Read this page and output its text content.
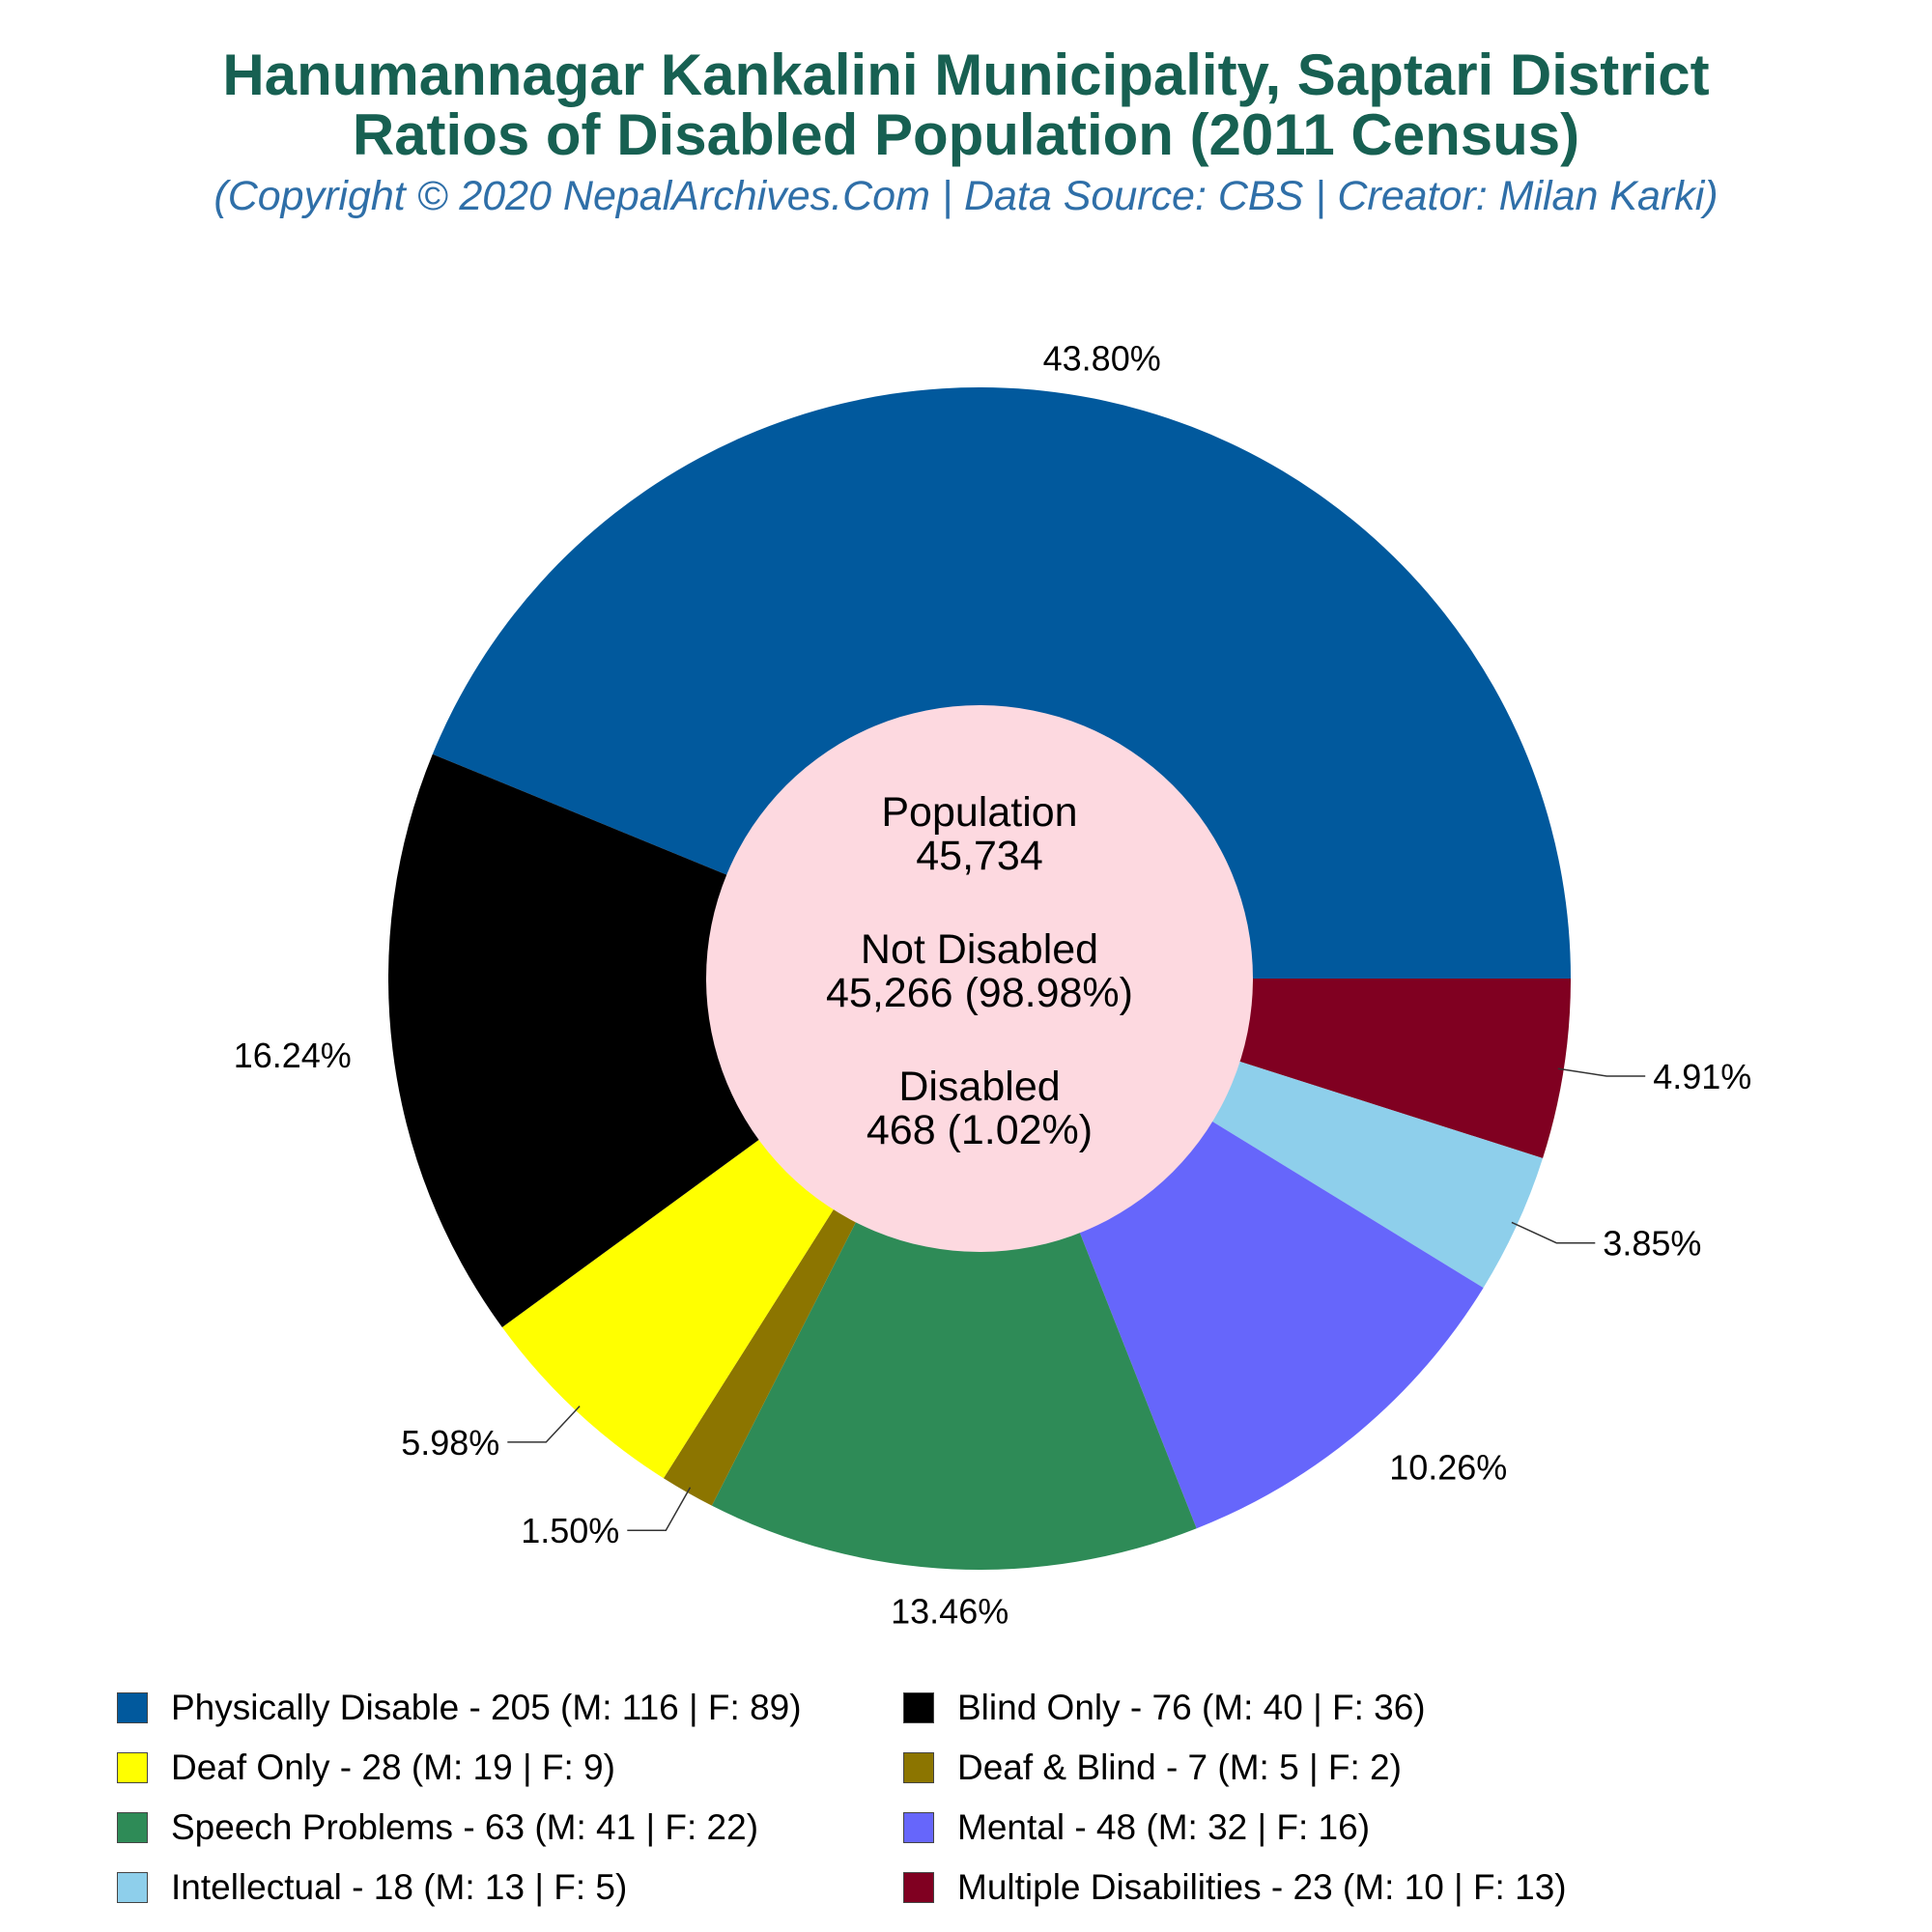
Hanumannagar Kankalini Municipality, Saptari District
Ratios of Disabled Population (2011 Census)
(Copyright © 2020 NepalArchives.Com | Data Source: CBS | Creator: Milan Karki)
43.80%
4.91%
3.85%
10.26%
13.46%
1.50%
5.98%
16.24%
Population
45,734
Not Disabled
45,266 (98.98%)
Disabled
468 (1.02%)
Physically Disable - 205 (M: 116 | F: 89)	Blind Only - 76 (M: 40 | F: 36)
Deaf Only - 28 (M: 19 | F: 9)	Deaf & Blind - 7 (M: 5 | F: 2)
Speech Problems - 63 (M: 41 | F: 22)	Mental - 48 (M: 32 | F: 16)
Intellectual - 18 (M: 13 | F: 5)	Multiple Disabilities - 23 (M: 10 | F: 13)
